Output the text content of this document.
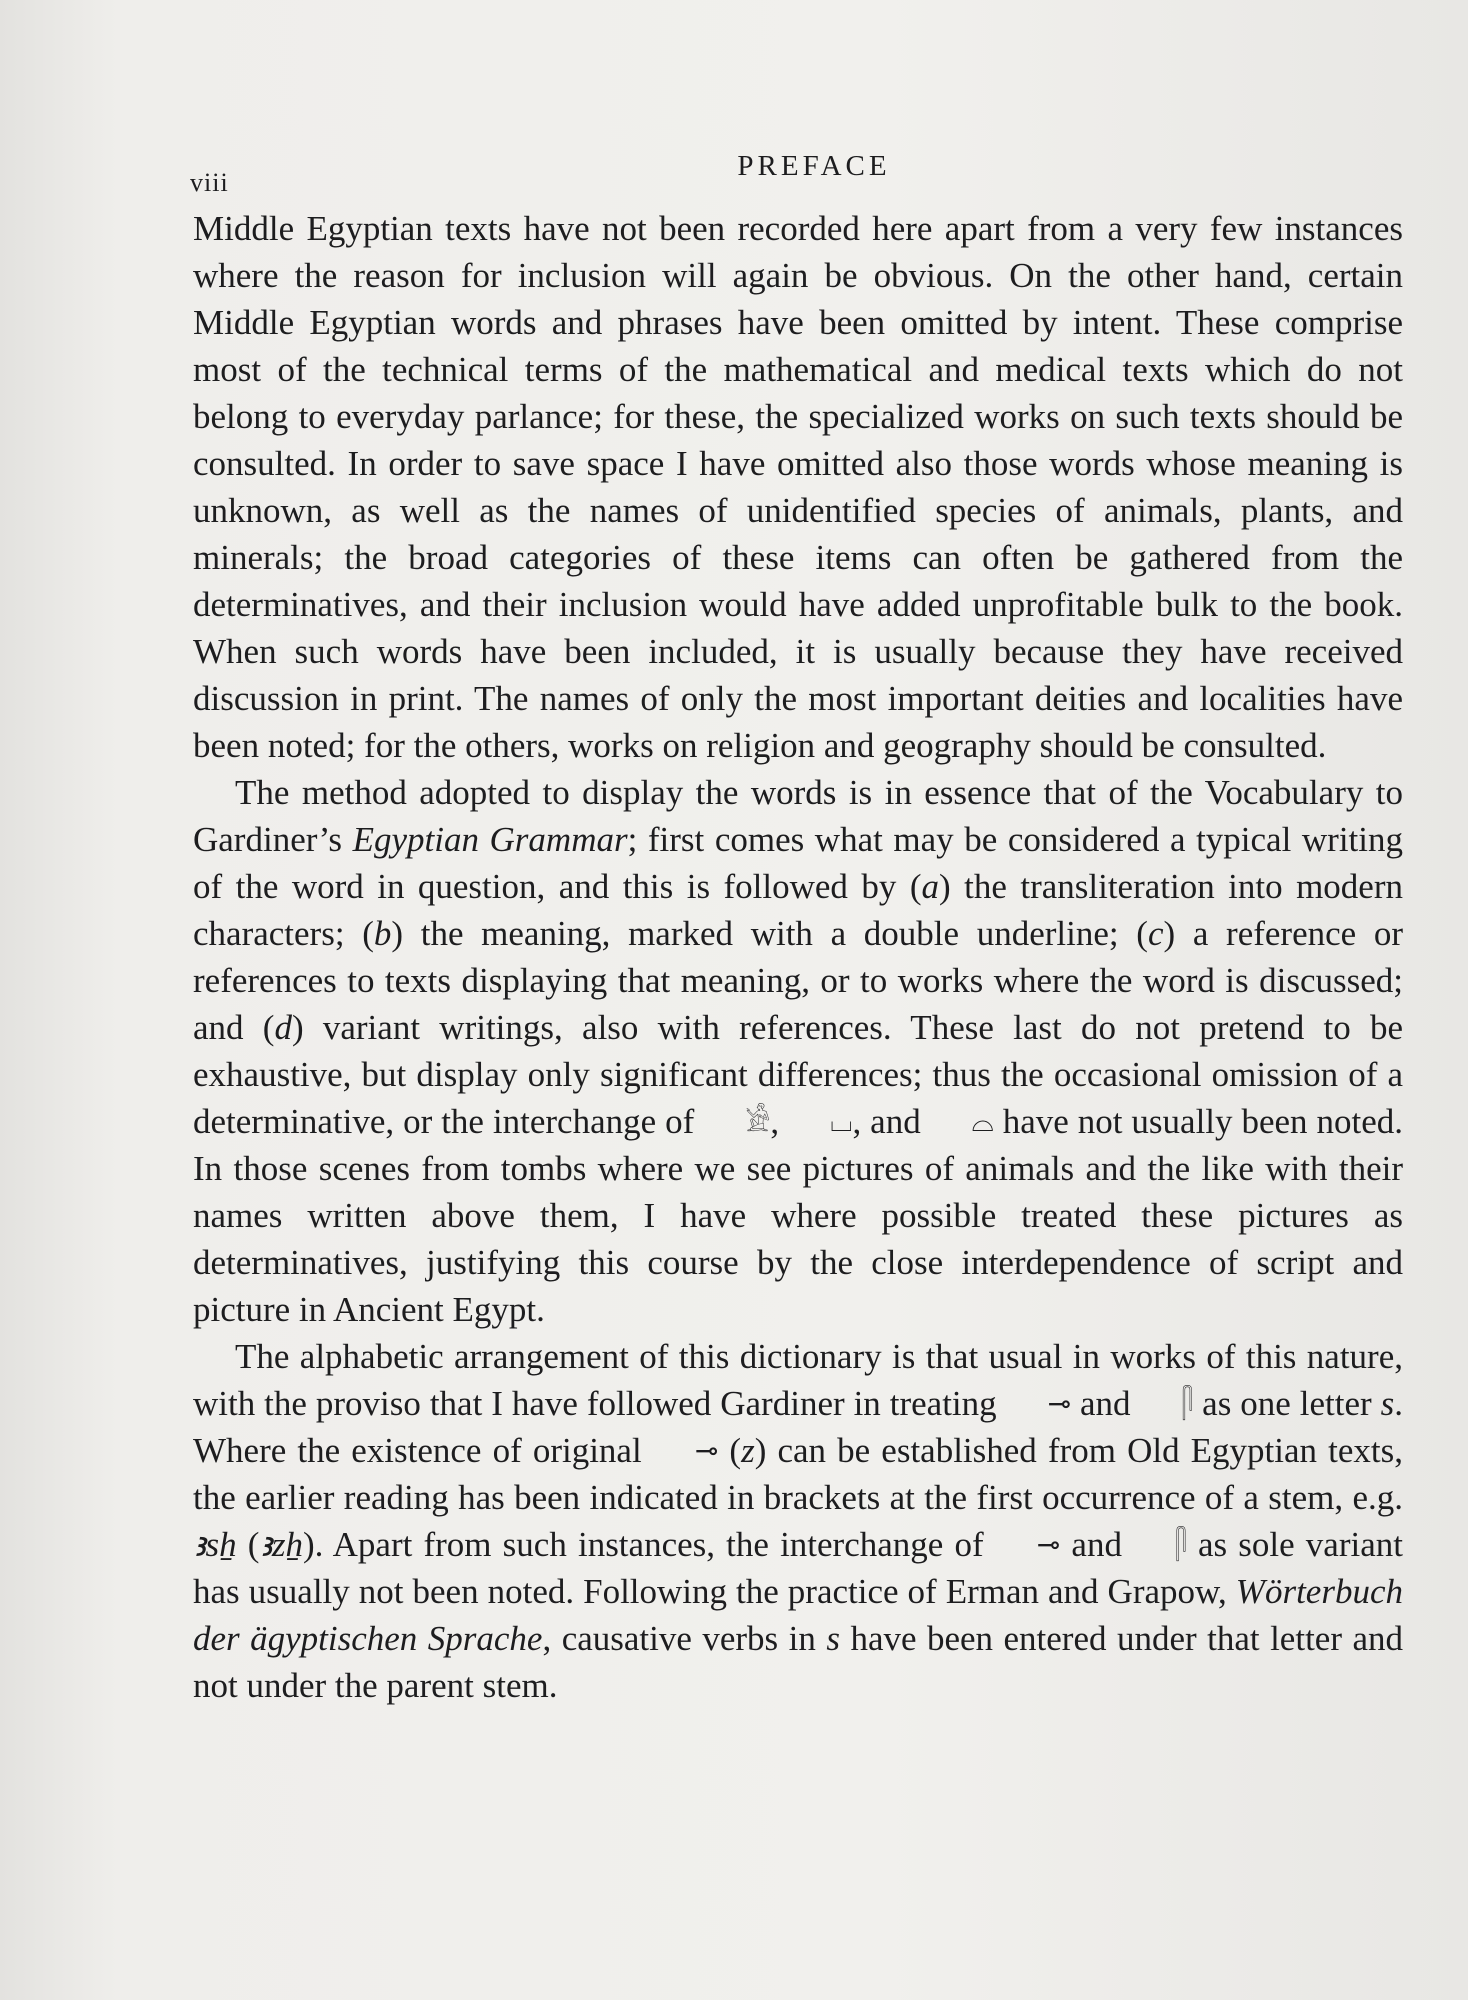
viii
PREFACE

Middle Egyptian texts have not been recorded here apart from a very few instances where the reason for inclusion will again be obvious. On the other hand, certain Middle Egyptian words and phrases have been omitted by intent. These comprise most of the technical terms of the mathematical and medical texts which do not belong to everyday parlance; for these, the specialized works on such texts should be consulted. In order to save space I have omitted also those words whose meaning is unknown, as well as the names of unidentified species of animals, plants, and minerals; the broad categories of these items can often be gathered from the determinatives, and their inclusion would have added unprofitable bulk to the book. When such words have been included, it is usually because they have received discussion in print. The names of only the most important deities and localities have been noted; for the others, works on religion and geography should be consulted.

The method adopted to display the words is in essence that of the Vocabulary to Gardiner’s Egyptian Grammar; first comes what may be considered a typical writing of the word in question, and this is followed by (a) the transliteration into modern characters; (b) the meaning, marked with a double underline; (c) a reference or references to texts displaying that meaning, or to works where the word is discussed; and (d) variant writings, also with references. These last do not pretend to be exhaustive, but display only significant differences; thus the occasional omission of a determinative, or the interchange of 𓀀, ⌴, and ⌓ have not usually been noted. In those scenes from tombs where we see pictures of animals and the like with their names written above them, I have where possible treated these pictures as determinatives, justifying this course by the close interdependence of script and picture in Ancient Egypt.

The alphabetic arrangement of this dictionary is that usual in works of this nature, with the proviso that I have followed Gardiner in treating ⊸ and 𓋴 as one letter s. Where the existence of original ⊸ (z) can be established from Old Egyptian texts, the earlier reading has been indicated in brackets at the first occurrence of a stem, e.g. ꜣsẖ (ꜣzẖ). Apart from such instances, the interchange of ⊸ and 𓋴 as sole variant has usually not been noted. Following the practice of Erman and Grapow, Wörterbuch der ägyptischen Sprache, causative verbs in s have been entered under that letter and not under the parent stem.
